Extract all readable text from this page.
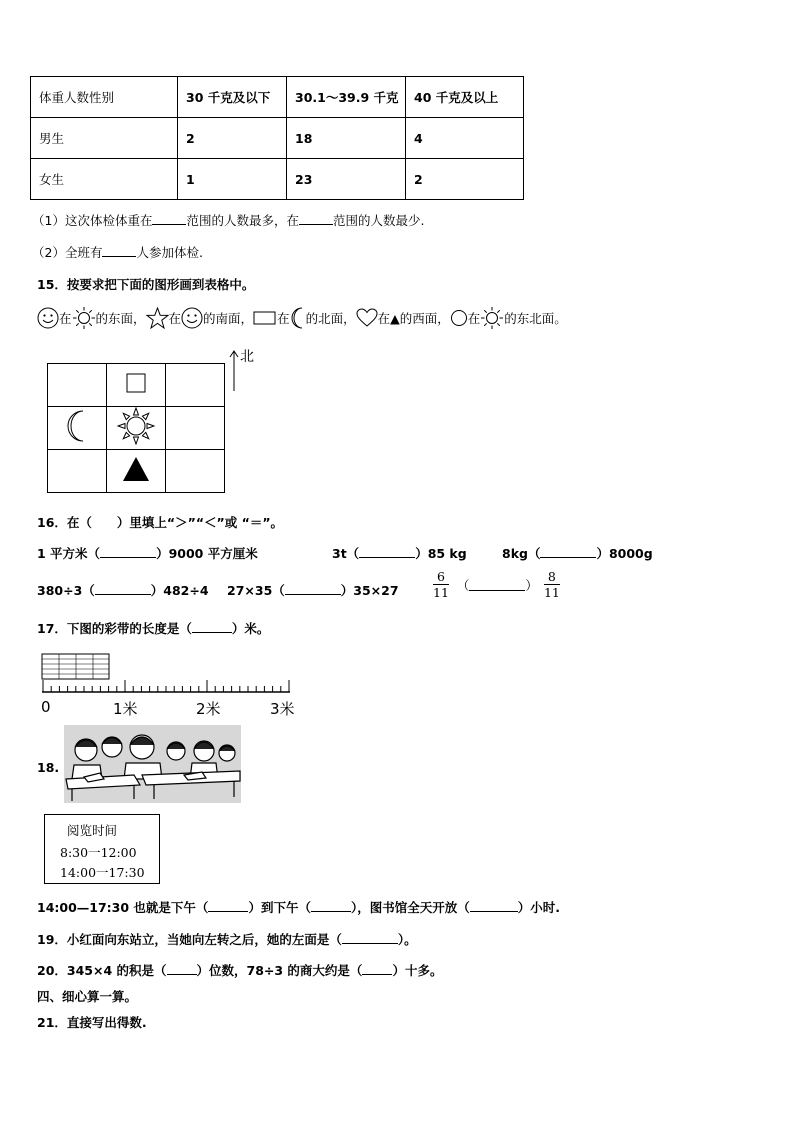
体重人数性别	30 千克及以下	30.1～39.9 千克	40 千克及以上
男生	2	18	4
女生	1	23	2
（1）这次体检体重在	范围的人数最多，在	范围的人数最少.
（2）全班有	人参加体检.
15．按要求把下面的图形画到表格中。
在 的东面， 在 的南面， 在 的北面， 在▲的西面， 在 的东北面。

北
16．在（　　）里填上“＞”“＜”或 “＝”。
1 平方米（	）9000 平方厘米	3t（	）85 kg	8kg（	）8000g
380÷3（	）482÷4 27×35（	）35×27	$\frac{6}{11}$ （	） $\frac{8}{11}$
17．下图的彩带的长度是（	）米。
0	1米	2米	3米
18.
阅览时间
8:30一12:00
14:00一17:30
14:00—17:30 也就是下午（	）到下午（	），图书馆全天开放（	）小时.
19．小红面向东站立，当她向左转之后，她的左面是（	）。
20．345×4 的积是（ ）位数，78÷3 的商大约是（ ）十多。
四、细心算一算。
21．直接写出得数.
